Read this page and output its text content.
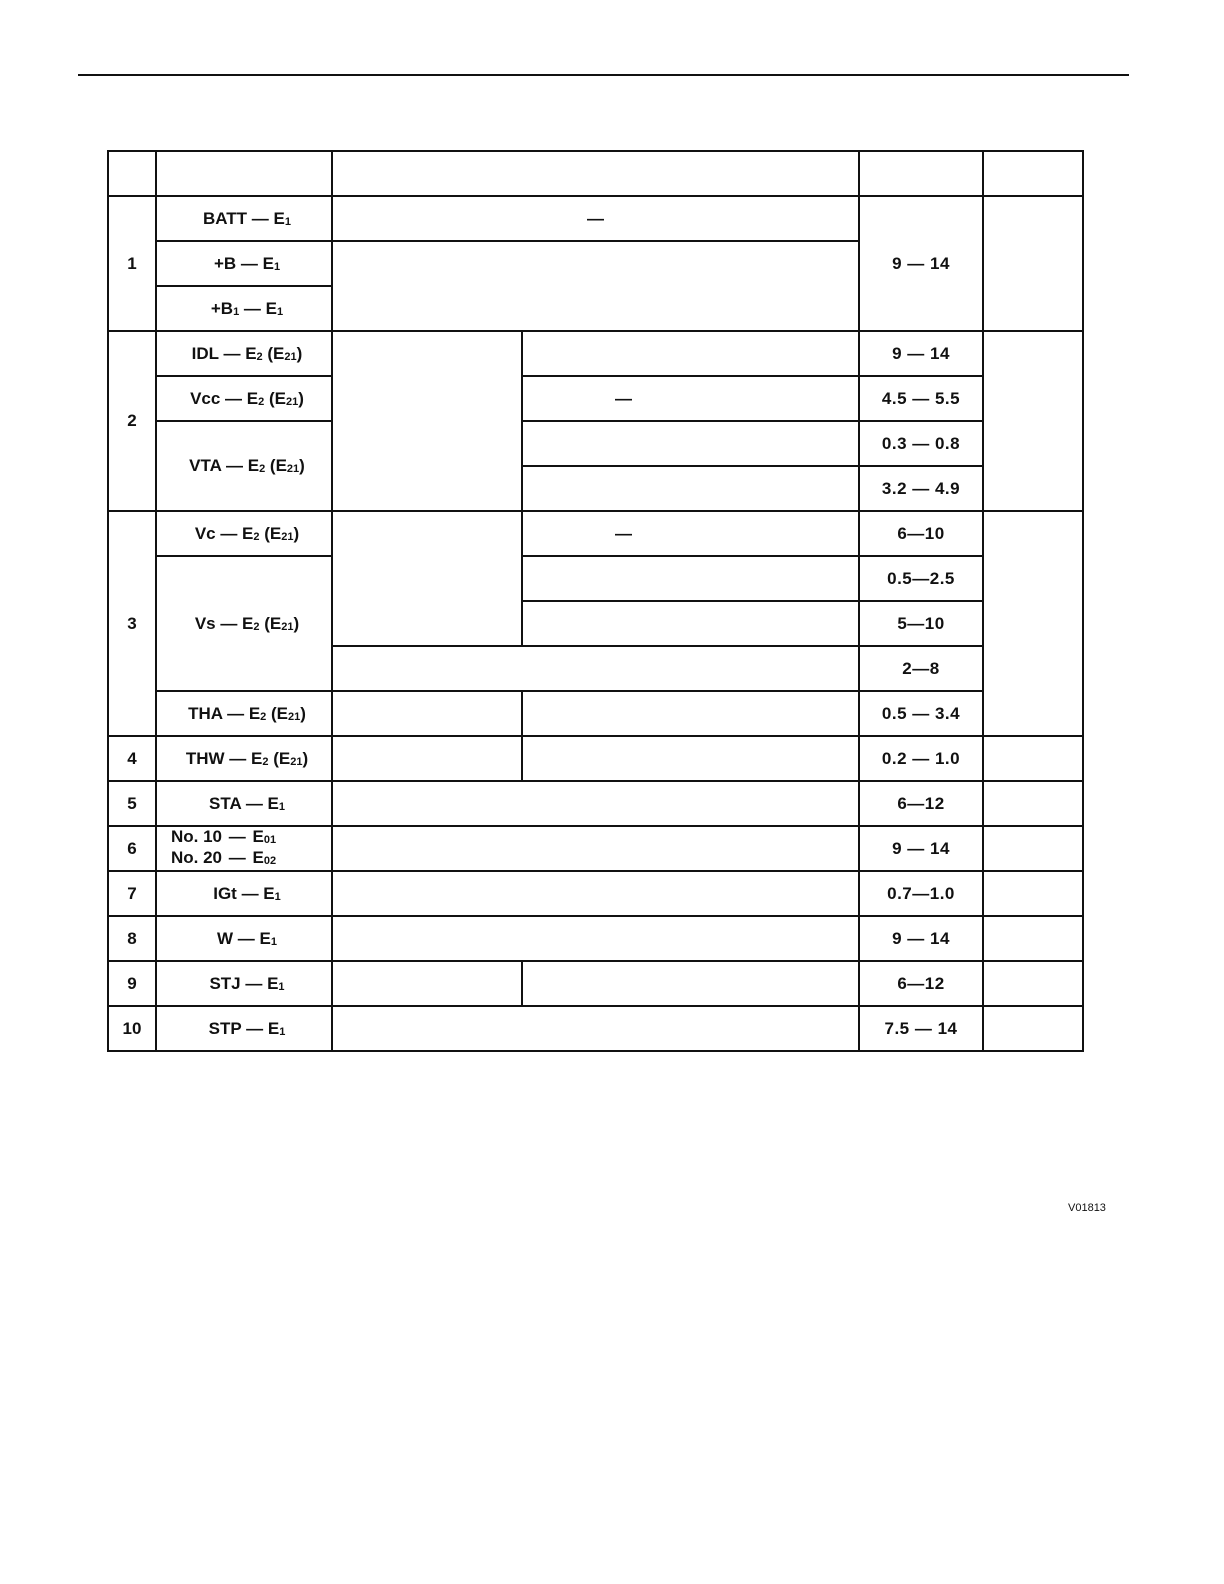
1	BATT — E1	—		9 — 14	
	+B — E1				
	+B1 — E1				
2	IDL — E2 (E21)			9 — 14	
	Vcc — E2 (E21)		—	4.5 — 5.5	
	VTA — E2 (E21)			0.3 — 0.8	
				3.2 — 4.9	
3	Vc — E2 (E21)		—	6—10	
	Vs — E2 (E21)			0.5—2.5	
				5—10	
				2—8	
	THA — E2 (E21)			0.5 — 3.4	
4	THW — E2 (E21)			0.2 — 1.0	
5	STA — E1			6—12	
6	No. 10 — E01
No. 20 — E02			9 — 14	
7	IGt — E1			0.7—1.0	
8	W — E1			9 — 14	
9	STJ — E1			6—12	
10	STP — E1			7.5 — 14	
V01813
